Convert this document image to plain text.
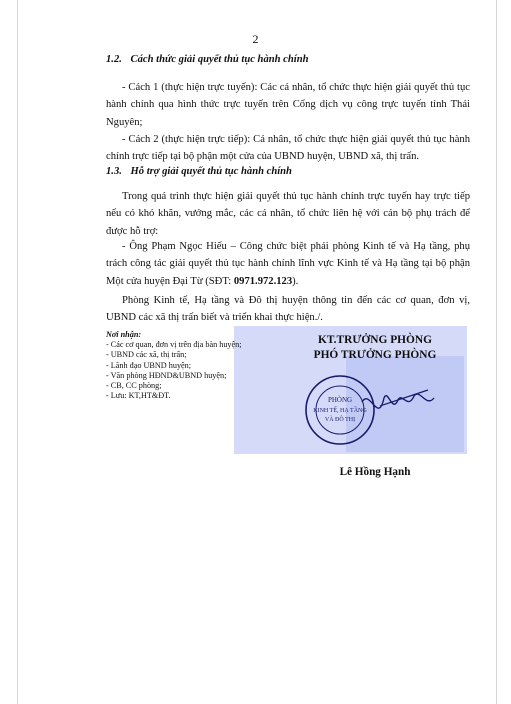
2
1.2. Cách thức giải quyết thủ tục hành chính
- Cách 1 (thực hiện trực tuyến): Các cá nhân, tổ chức thực hiện giải quyết thủ tục hành chính qua hình thức trực tuyến trên Cổng dịch vụ công trực tuyến tỉnh Thái Nguyên;
- Cách 2 (thực hiện trực tiếp): Cá nhân, tổ chức thực hiện giải quyết thủ tục hành chính trực tiếp tại bộ phận một cửa của UBND huyện, UBND xã, thị trấn.
1.3. Hỗ trợ giải quyết thủ tục hành chính
Trong quá trình thực hiện giải quyết thủ tục hành chính trực tuyến hay trực tiếp nếu có khó khăn, vướng mắc, các cá nhân, tổ chức liên hệ với cán bộ phụ trách để được hỗ trợ:
- Ông Phạm Ngọc Hiếu – Công chức biệt phái phòng Kinh tế và Hạ tầng, phụ trách công tác giải quyết thủ tục hành chính lĩnh vực Kinh tế và Hạ tầng tại bộ phận Một cửa huyện Đại Từ (SĐT: 0971.972.123).
Phòng Kinh tế, Hạ tầng và Đô thị huyện thông tin đến các cơ quan, đơn vị, UBND các xã thị trấn biết và triển khai thực hiện./.
Nơi nhận:
- Các cơ quan, đơn vị trên địa bàn huyện;
- UBND các xã, thị trấn;
- Lãnh đạo UBND huyện;
- Văn phòng HĐND&UBND huyện;
- CB, CC phòng;
- Lưu: KT,HT&ĐT.
KT.TRƯỞNG PHÒNG
PHÓ TRƯỞNG PHÒNG
PHÒNG
KINH TẾ, HẠ TẦNG
VÀ ĐÔ THỊ
Lê Hồng Hạnh
